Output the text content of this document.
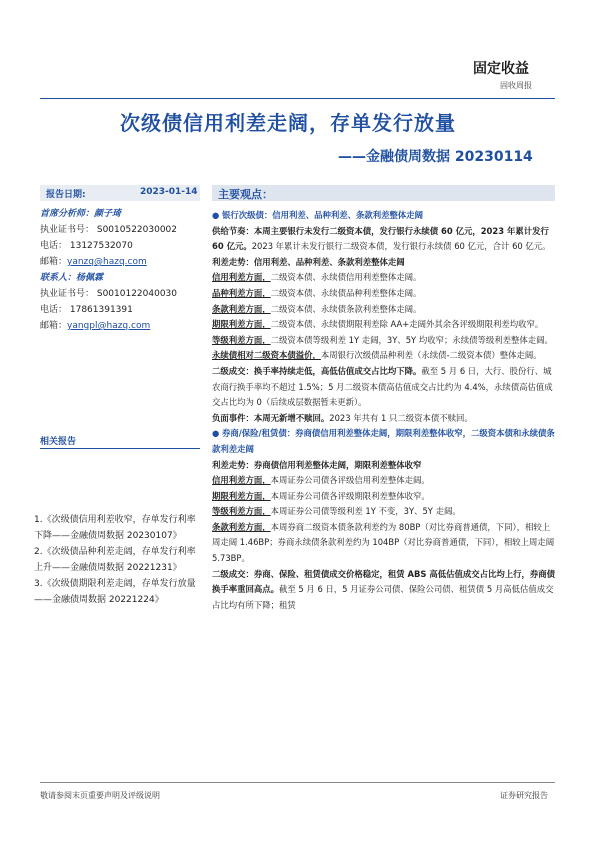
固定收益
固收周报
次级债信用利差走阔，存单发行放量
——金融债周数据 20230114
报告日期:	2023-01-14
首席分析师：颜子琦
执业证书号： S0010522030002
电话： 13127532070
邮箱：yanzq@hazq.com
联系人：杨佩霖
执业证书号： S0010122040030
电话： 17861391391
邮箱：yangpl@hazq.com
相关报告
1.《次级债信用利差收窄，存单发行利率下降——金融债周数据 20230107》
2.《次级债品种利差走阔，存单发行利率上升——金融债周数据 20221231》
3.《次级债期限利差走阔，存单发行放量——金融债周数据 20221224》
主要观点：

● 银行次级债：信用利差、品种利差、条款利差整体走阔

供给节奏：本周主要银行未发行二级资本债，发行银行永续债 60 亿元，2023 年累计发行 60 亿元。2023 年累计未发行银行二级资本债，发行银行永续债 60 亿元，合计 60 亿元。

利差走势：信用利差、品种利差、条款利差整体走阔

信用利差方面，二级资本债、永续债信用利差整体走阔。

品种利差方面，二级资本债、永续债品种利差整体走阔。

条款利差方面，二级资本债、永续债条款利差整体走阔。

期限利差方面，二级资本债、永续债期限利差除 AA+走阔外其余各评级期限利差均收窄。

等级利差方面，二级资本债等级利差 1Y 走阔，3Y、5Y 均收窄；永续债等级利差整体走阔。

永续债相对二级资本债溢价，本周银行次级债品种利差（永续债-二级资本债）整体走阔。

二级成交：换手率持续走低，高低估值成交占比均下降。截至 5 月 6 日，大行、股份行、城农商行换手率均不超过 1.5%；5 月二级资本债高估值成交占比约为 4.4%，永续债高估值成交占比均为 0（后续成层数据暂未更新）。

负面事件：本周无新增不赎回。2023 年共有 1 只二级资本债不赎回。

● 券商/保险/租赁债：券商债信用利差整体走阔，期限利差整体收窄，二级资本债和永续债条款利差走阔

利差走势：券商债信用利差整体走阔，期限利差整体收窄

信用利差方面，本周证券公司债各评级信用利差整体走阔。

期限利差方面，本周证券公司债各评级期限利差整体收窄。

等级利差方面，本周证券公司债等级利差 1Y 不变，3Y、5Y 走阔。

条款利差方面，本周券商二级资本债条款利差约为 80BP（对比券商普通债，下同），相较上周走阔 1.46BP；券商永续债条款利差约为 104BP（对比券商普通债，下同），相较上周走阔 5.73BP。

二级成交：券商、保险、租赁债成交价格稳定，租赁 ABS 高低估值成交占比均上行，券商债换手率重回高点。截至 5 月 6 日，5 月证券公司债、保险公司债、租赁债 5 月高低估值成交占比均有所下降；租赁

敬请参阅末页重要声明及评级说明	证券研究报告
